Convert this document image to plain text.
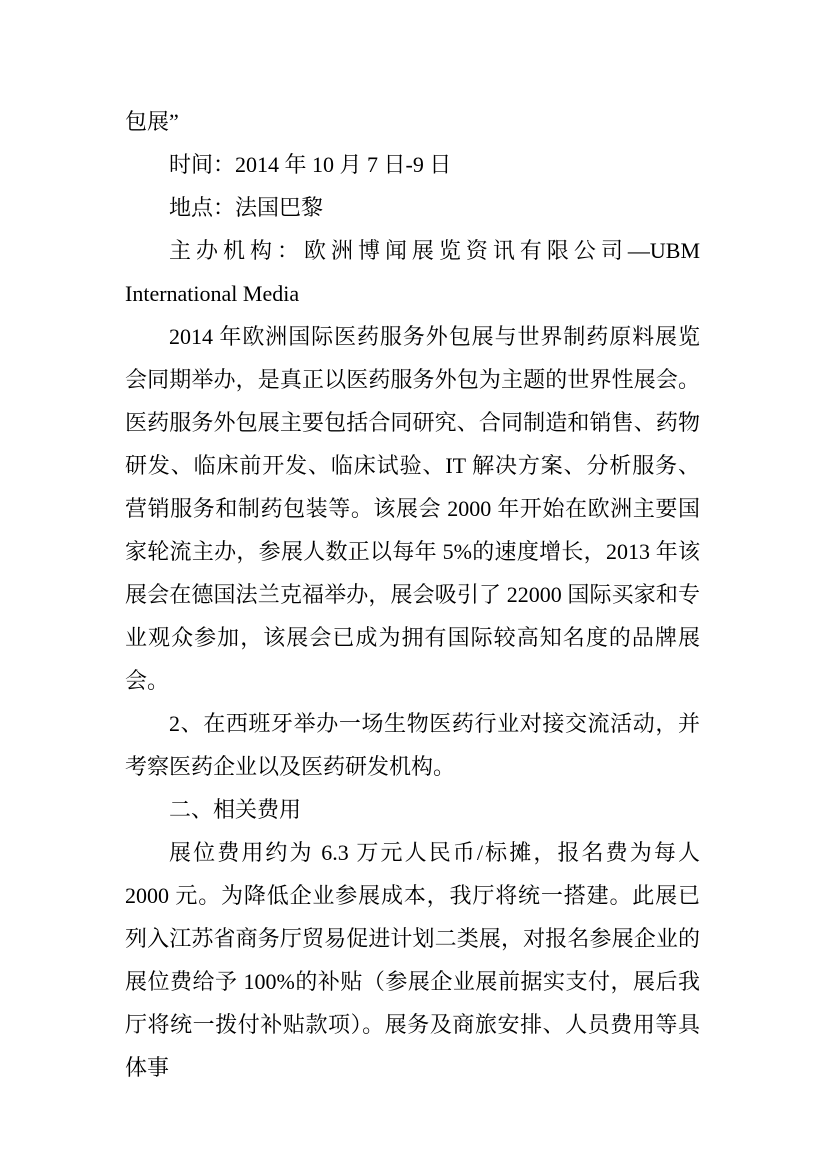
包展”

时间：2014 年 10 月 7 日-9 日

地点：法国巴黎

主办机构：欧洲博闻展览资讯有限公司—UBM International Media

2014 年欧洲国际医药服务外包展与世界制药原料展览会同期举办，是真正以医药服务外包为主题的世界性展会。医药服务外包展主要包括合同研究、合同制造和销售、药物研发、临床前开发、临床试验、IT 解决方案、分析服务、营销服务和制药包装等。该展会 2000 年开始在欧洲主要国家轮流主办，参展人数正以每年 5%的速度增长，2013 年该展会在德国法兰克福举办，展会吸引了 22000 国际买家和专业观众参加，该展会已成为拥有国际较高知名度的品牌展会。

2、在西班牙举办一场生物医药行业对接交流活动，并考察医药企业以及医药研发机构。

二、相关费用

展位费用约为 6.3 万元人民币/标摊，报名费为每人 2000 元。为降低企业参展成本，我厅将统一搭建。此展已列入江苏省商务厅贸易促进计划二类展，对报名参展企业的展位费给予 100%的补贴（参展企业展前据实支付，展后我厅将统一拨付补贴款项）。展务及商旅安排、人员费用等具体事
